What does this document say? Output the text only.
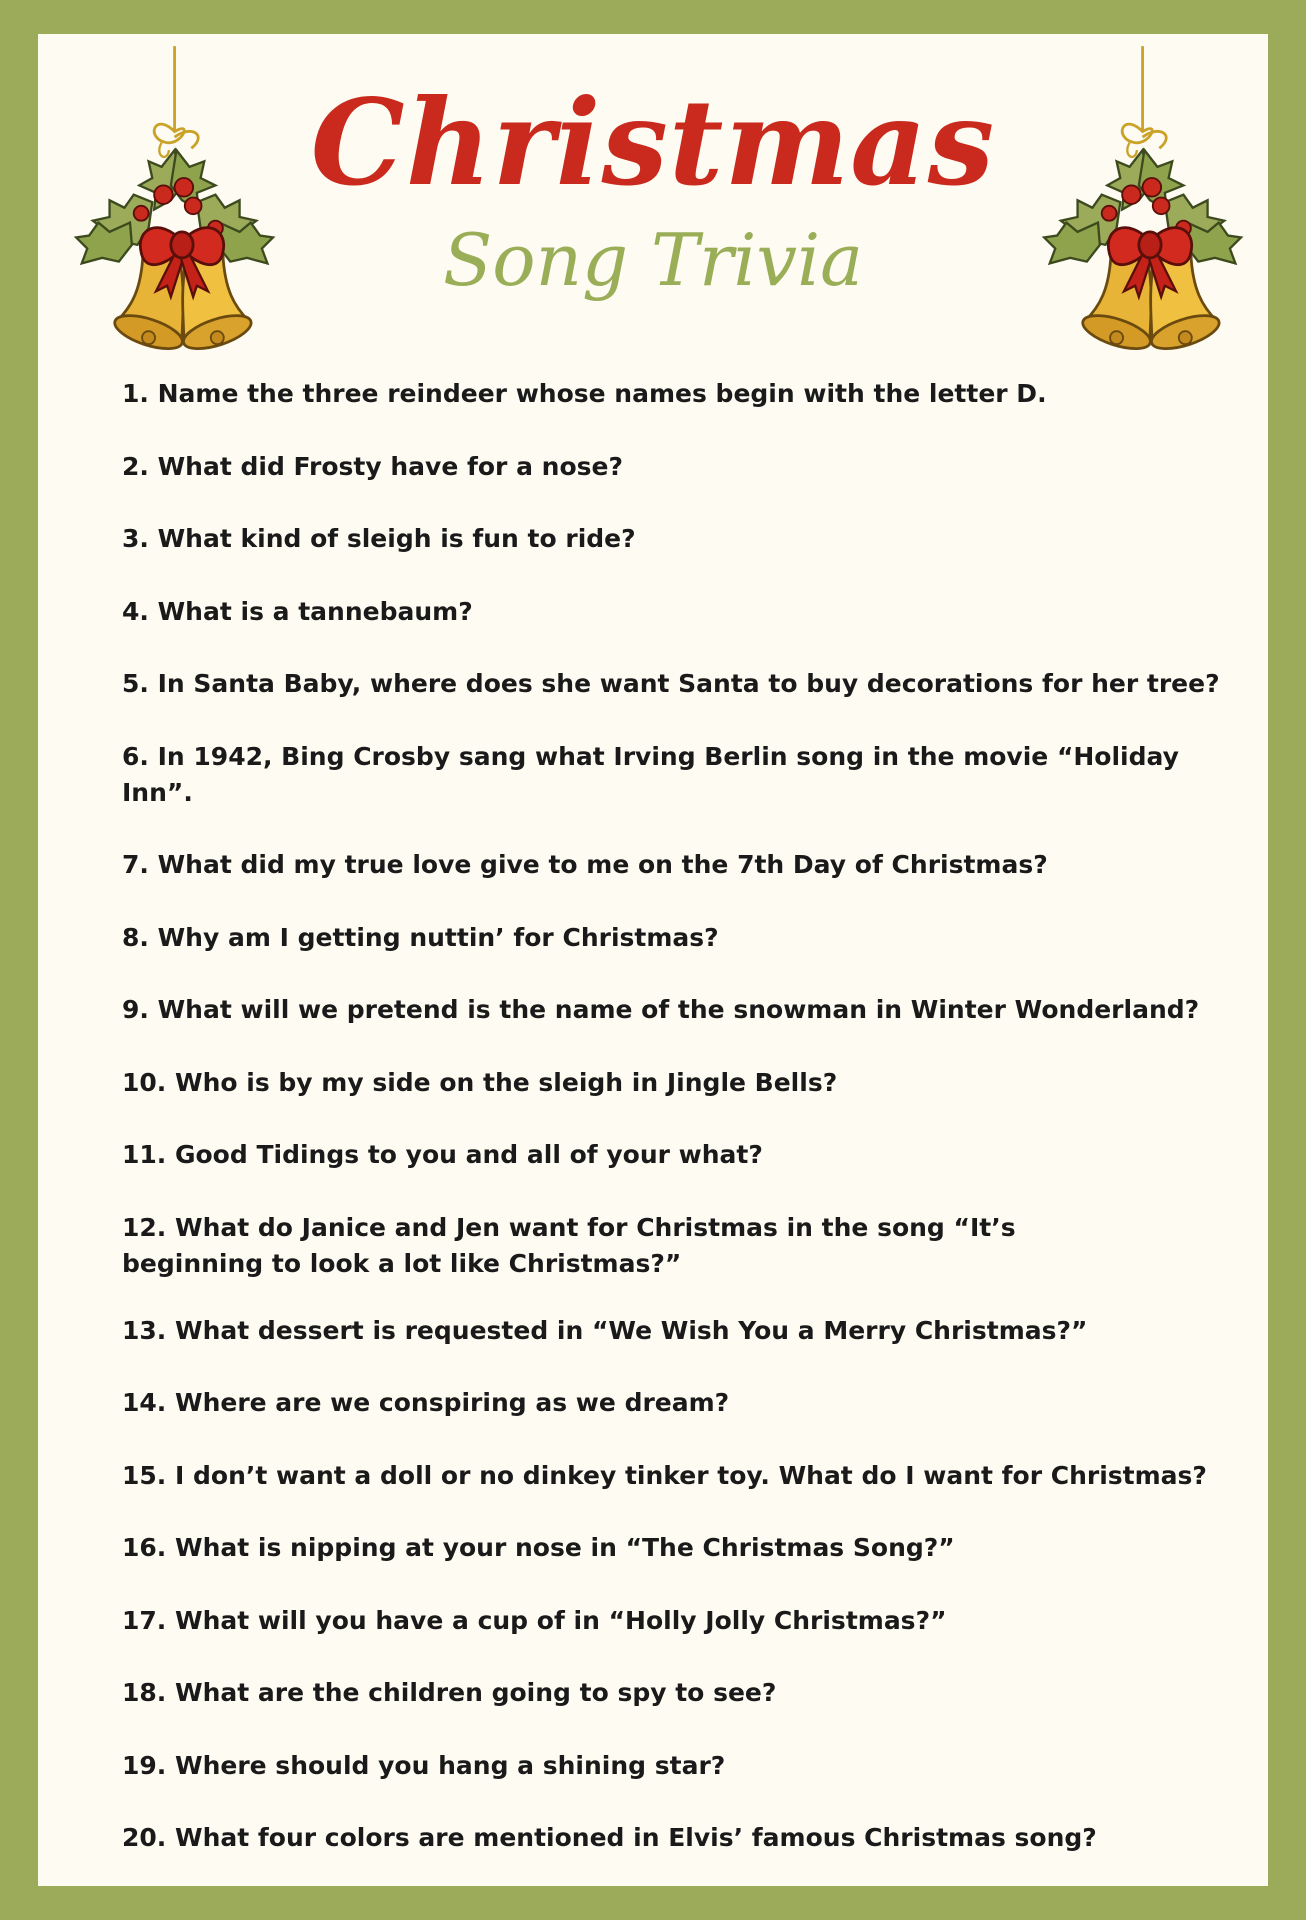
Christmas
Song Trivia
1. Name the three reindeer whose names begin with the letter D.
2. What did Frosty have for a nose?
3. What kind of sleigh is fun to ride?
4. What is a tannebaum?
5. In Santa Baby, where does she want Santa to buy decorations for her tree?
6. In 1942, Bing Crosby sang what Irving Berlin song in the movie “Holiday Inn”.
7. What did my true love give to me on the 7th Day of Christmas?
8. Why am I getting nuttin’ for Christmas?
9. What will we pretend is the name of the snowman in Winter Wonderland?
10. Who is by my side on the sleigh in Jingle Bells?
11. Good Tidings to you and all of your what?
12. What do Janice and Jen want for Christmas in the song “It’s
beginning to look a lot like Christmas?”
13. What dessert is requested in “We Wish You a Merry Christmas?”
14. Where are we conspiring as we dream?
15. I don’t want a doll or no dinkey tinker toy. What do I want for Christmas?
16. What is nipping at your nose in “The Christmas Song?”
17. What will you have a cup of in “Holly Jolly Christmas?”
18. What are the children going to spy to see?
19. Where should you hang a shining star?
20. What four colors are mentioned in Elvis’ famous Christmas song?
